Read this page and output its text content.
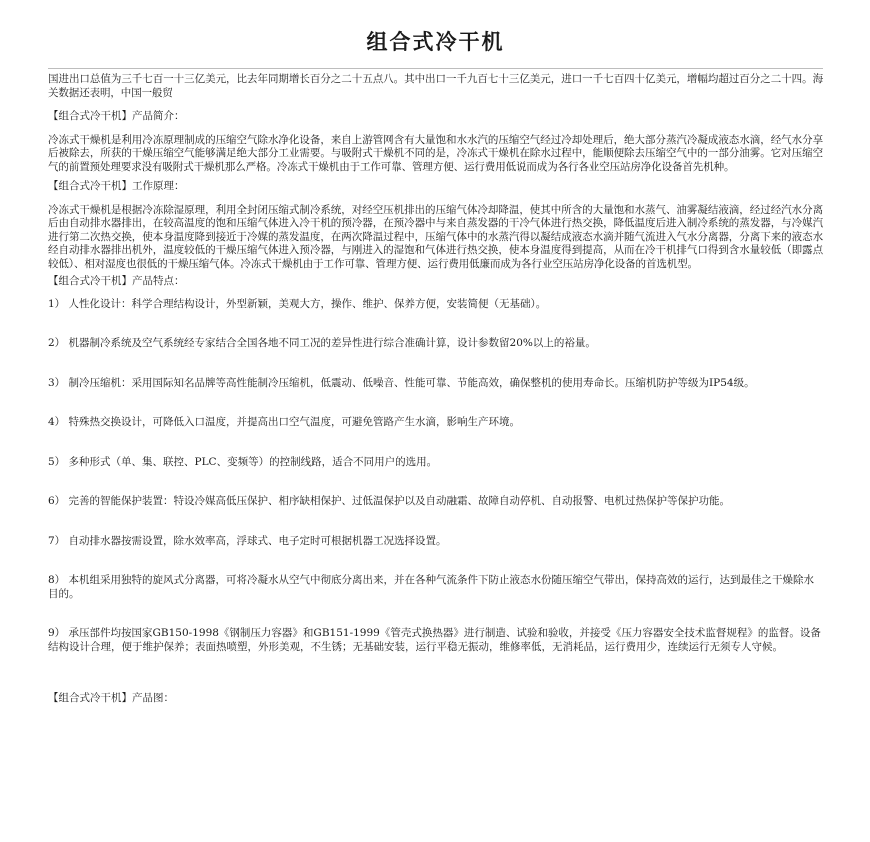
组合式冷干机

国进出口总值为三千七百一十三亿美元，比去年同期增长百分之二十五点八。其中出口一千九百七十三亿美元，进口一千七百四十亿美元，增幅均超过百分之二十四。海关数据还表明，中国一般贸

【组合式冷干机】产品简介：

冷冻式干燥机是利用冷冻原理制成的压缩空气除水净化设备，来自上游管网含有大量饱和水水汽的压缩空气经过冷却处理后，绝大部分蒸汽冷凝成液态水滴，经气水分享后被除去，所获的干燥压缩空气能够满足绝大部分工业需要。与吸附式干燥机不同的是，冷冻式干燥机在除水过程中，能顺便除去压缩空气中的一部分油雾。它对压缩空气的前置预处理要求没有吸附式干燥机那么严格。冷冻式干燥机由于工作可靠、管理方便、运行费用低说而成为各行各业空压站房净化设备首先机种。

【组合式冷干机】工作原理：

冷冻式干燥机是根据冷冻除湿原理，利用全封闭压缩式制冷系统，对经空压机排出的压缩气体冷却降温，使其中所含的大量饱和水蒸气、油雾凝结液滴，经过经汽水分离后由自动排水器排出，在较高温度的饱和压缩气体进入冷干机的预冷器，在预冷器中与来自蒸发器的干冷气体进行热交换，降低温度后进入制冷系统的蒸发器，与冷媒汽进行第二次热交换，使本身温度降到接近于冷媒的蒸发温度，在两次降温过程中，压缩气体中的水蒸汽得以凝结成液态水滴并随气流进入气水分离器，分离下来的液态水经自动排水器排出机外，温度较低的干燥压缩气体进入预冷器，与刚进入的湿饱和气体进行热交换，使本身温度得到提高，从而在冷干机排气口得到含水量较低（即露点较低）、相对湿度也很低的干燥压缩气体。冷冻式干燥机由于工作可靠、管理方便、运行费用低廉而成为各行业空压站房净化设备的首选机型。

【组合式冷干机】产品特点：

1） 人性化设计：科学合理结构设计，外型新颖，美观大方，操作、维护、保养方便，安装简便（无基础）。

2） 机器制冷系统及空气系统经专家结合全国各地不同工况的差异性进行综合准确计算，设计参数留20%以上的裕量。

3） 制冷压缩机：采用国际知名品牌等高性能制冷压缩机，低震动、低噪音、性能可靠、节能高效，确保整机的使用寿命长。压缩机防护等级为IP54级。

4） 特殊热交换设计，可降低入口温度，并提高出口空气温度，可避免管路产生水滴，影响生产环境。

5） 多种形式（单、集、联控、PLC、变频等）的控制线路，适合不同用户的选用。

6） 完善的智能保护装置：特设冷媒高低压保护、相序缺相保护、过低温保护以及自动融霜、故障自动停机、自动报警、电机过热保护等保护功能。

7） 自动排水器按需设置，除水效率高，浮球式、电子定时可根据机器工况选择设置。

8） 本机组采用独特的旋风式分离器，可将冷凝水从空气中彻底分离出来，并在各种气流条件下防止液态水份随压缩空气带出，保持高效的运行，达到最佳之干燥除水目的。

9） 承压部件均按国家GB150-1998《钢制压力容器》和GB151-1999《管壳式换热器》进行制造、试验和验收，并接受《压力容器安全技术监督规程》的监督。设备结构设计合理，便于维护保养；表面热喷塑，外形美观，不生锈；无基础安装，运行平稳无振动，维修率低，无消耗品，运行费用少，连续运行无须专人守候。

【组合式冷干机】产品图：
